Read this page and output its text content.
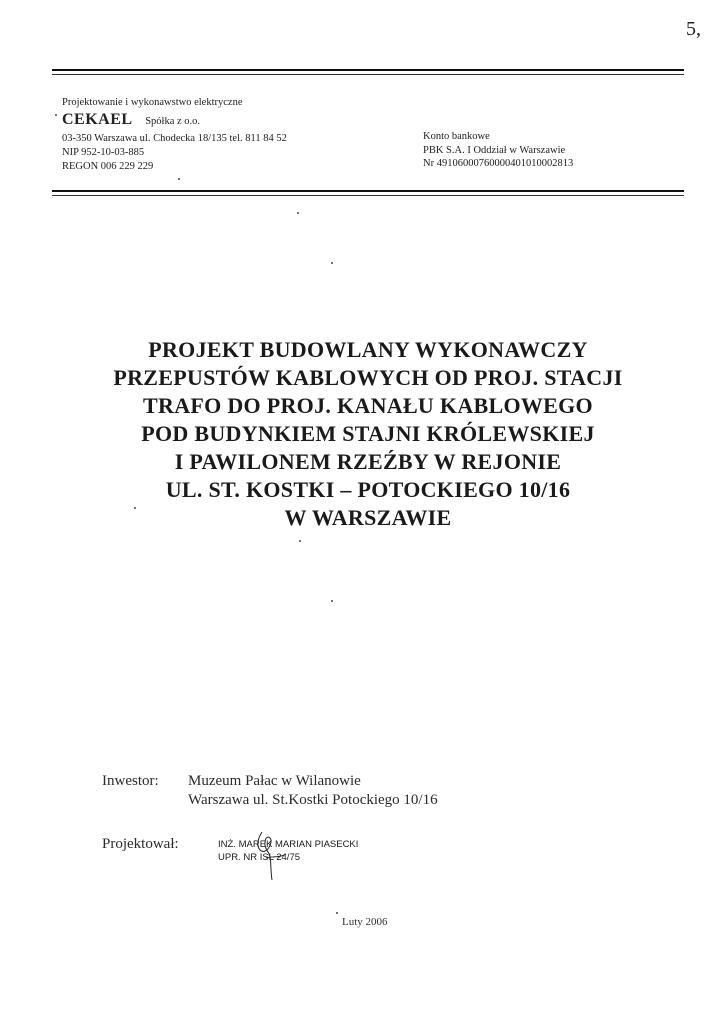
5,
Projektowanie i wykonawstwo elektryczne
CEKAEL Spółka z o.o.
03-350 Warszawa ul. Chodecka 18/135 tel. 811 84 52
NIP 952-10-03-885
REGON 006 229 229
Konto bankowe
PBK S.A. I Oddział w Warszawie
Nr 49106000760000401010002813
PROJEKT BUDOWLANY WYKONAWCZY
PRZEPUSTÓW KABLOWYCH OD PROJ. STACJI
TRAFO DO PROJ. KANAŁU KABLOWEGO
POD BUDYNKIEM STAJNI KRÓLEWSKIEJ
I PAWILONEM RZEŹBY W REJONIE
UL. ST. KOSTKI – POTOCKIEGO 10/16
W WARSZAWIE
Inwestor: Muzeum Pałac w Wilanowie
Warszawa ul. St.Kostki Potockiego 10/16
Projektował:	INŻ. MAREK MARIAN PIASECKI
UPR. NR ISL 24/75
Luty 2006
